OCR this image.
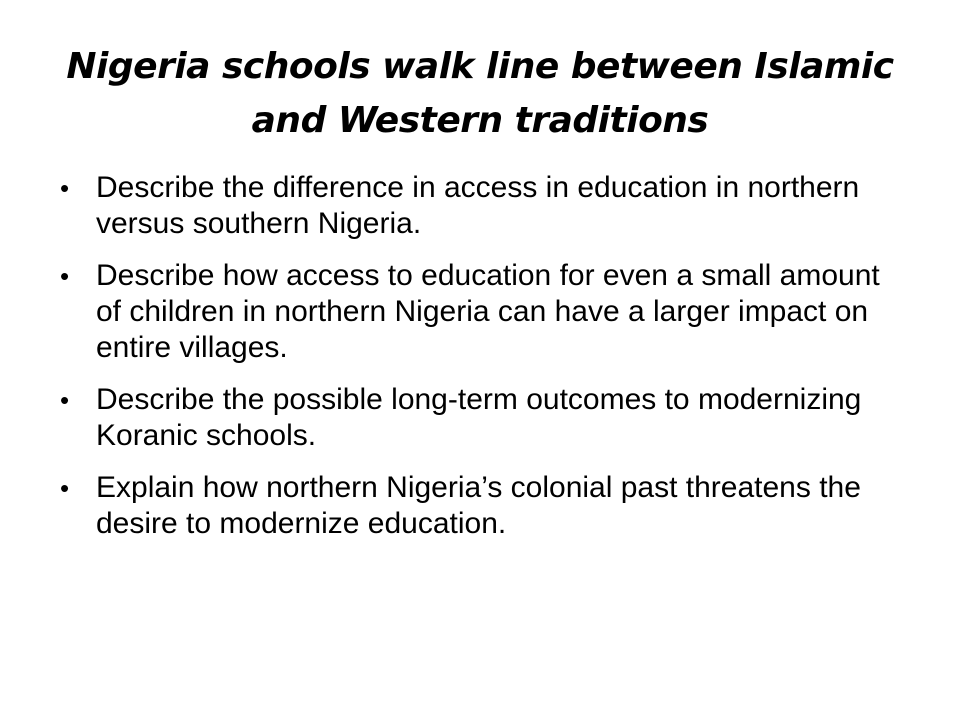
Nigeria schools walk line between Islamic and Western traditions
• Describe the difference in access in education in northern versus southern Nigeria.
• Describe how access to education for even a small amount of children in northern Nigeria can have a larger impact on entire villages.
• Describe the possible long-term outcomes to modernizing Koranic schools.
• Explain how northern Nigeria’s colonial past threatens the desire to modernize education.
